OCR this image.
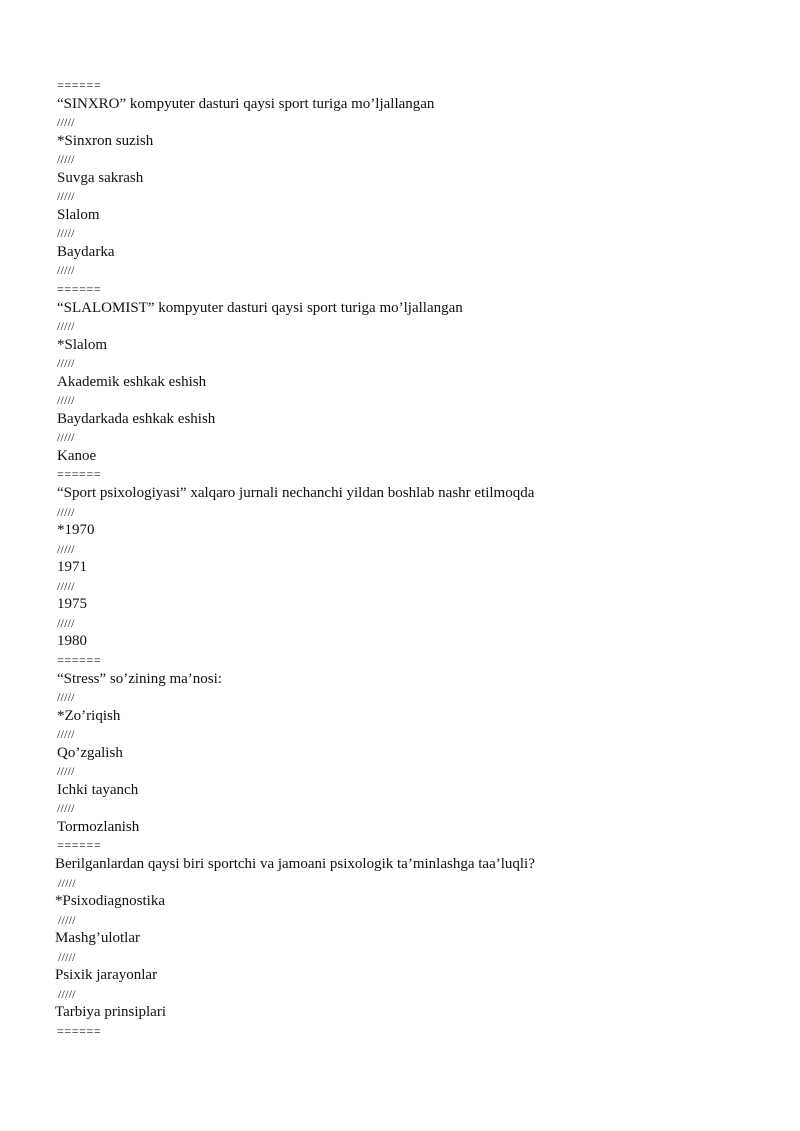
======
“SINXRO” kompyuter dasturi qaysi sport turiga mo’ljallangan
/////
*Sinxron suzish
/////
Suvga sakrash
/////
Slalom
/////
Baydarka
/////
======
“SLALOMIST” kompyuter dasturi qaysi sport turiga mo’ljallangan
/////
*Slalom
/////
Akademik eshkak eshish
/////
Baydarkada eshkak eshish
/////
Kanoe
======
“Sport psixologiyasi” xalqaro jurnali nechanchi yildan boshlab nashr etilmoqda
/////
*1970
/////
1971
/////
1975
/////
1980
======
“Stress” so’zining ma’nosi:
/////
*Zo’riqish
/////
Qo’zgalish
/////
Ichki tayanch
/////
Tormozlanish
======
Berilganlardan qaysi biri sportchi va jamoani psixologik ta’minlashga taa’luqli?
/////
*Psixodiagnostika
/////
Mashg’ulotlar
/////
Psixik jarayonlar
/////
Tarbiya prinsiplari
======
